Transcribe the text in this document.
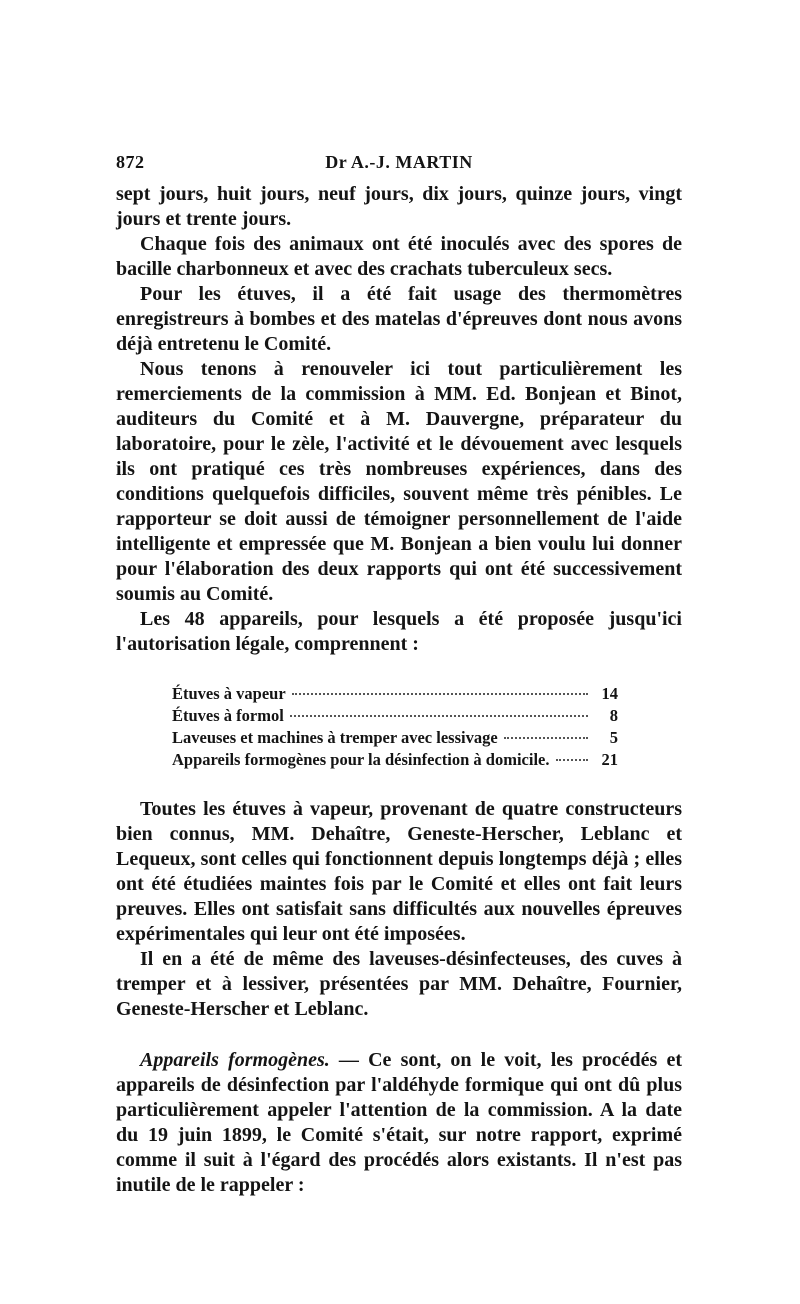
872	Dr A.-J. MARTIN

sept jours, huit jours, neuf jours, dix jours, quinze jours, vingt jours et trente jours.

Chaque fois des animaux ont été inoculés avec des spores de bacille charbonneux et avec des crachats tuberculeux secs.

Pour les étuves, il a été fait usage des thermomètres enregistreurs à bombes et des matelas d'épreuves dont nous avons déjà entretenu le Comité.

Nous tenons à renouveler ici tout particulièrement les remerciements de la commission à MM. Ed. Bonjean et Binot, auditeurs du Comité et à M. Dauvergne, préparateur du laboratoire, pour le zèle, l'activité et le dévouement avec lesquels ils ont pratiqué ces très nombreuses expériences, dans des conditions quelquefois difficiles, souvent même très pénibles. Le rapporteur se doit aussi de témoigner personnellement de l'aide intelligente et empressée que M. Bonjean a bien voulu lui donner pour l'élaboration des deux rapports qui ont été successivement soumis au Comité.

Les 48 appareils, pour lesquels a été proposée jusqu'ici l'autorisation légale, comprennent :

Étuves à vapeur	14
Étuves à formol	8
Laveuses et machines à tremper avec lessivage	5
Appareils formogènes pour la désinfection à domicile.	21

Toutes les étuves à vapeur, provenant de quatre constructeurs bien connus, MM. Dehaître, Geneste-Herscher, Leblanc et Lequeux, sont celles qui fonctionnent depuis longtemps déjà ; elles ont été étudiées maintes fois par le Comité et elles ont fait leurs preuves. Elles ont satisfait sans difficultés aux nouvelles épreuves expérimentales qui leur ont été imposées.

Il en a été de même des laveuses-désinfecteuses, des cuves à tremper et à lessiver, présentées par MM. Dehaître, Fournier, Geneste-Herscher et Leblanc.

Appareils formogènes. — Ce sont, on le voit, les procédés et appareils de désinfection par l'aldéhyde formique qui ont dû plus particulièrement appeler l'attention de la commission. A la date du 19 juin 1899, le Comité s'était, sur notre rapport, exprimé comme il suit à l'égard des procédés alors existants. Il n'est pas inutile de le rappeler :
